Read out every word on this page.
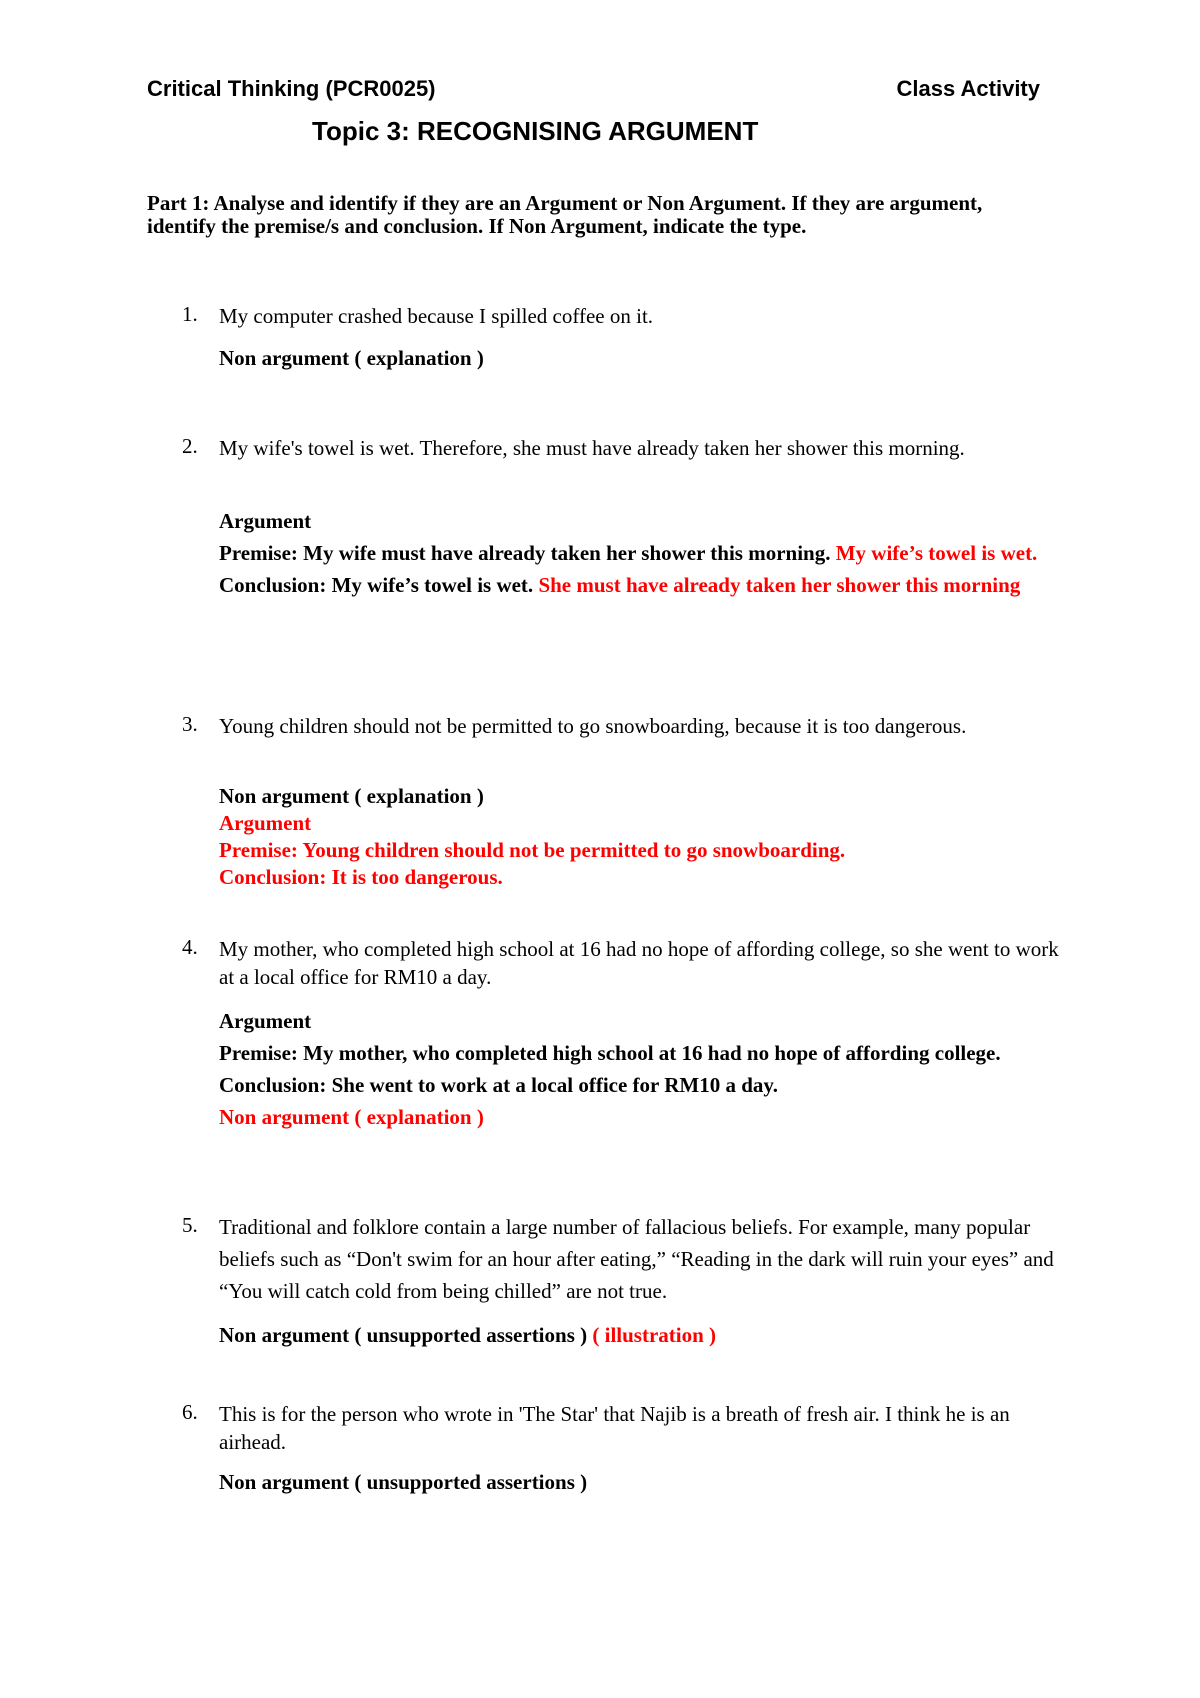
Critical Thinking (PCR0025)	Class Activity
Topic 3: RECOGNISING ARGUMENT
Part 1: Analyse and identify if they are an Argument or Non Argument. If they are argument, identify the premise/s and conclusion. If Non Argument, indicate the type.
1. My computer crashed because I spilled coffee on it.
Non argument ( explanation )
2. My wife's towel is wet. Therefore, she must have already taken her shower this morning.
Argument
Premise: My wife must have already taken her shower this morning. My wife’s towel is wet.
Conclusion: My wife’s towel is wet. She must have already taken her shower this morning
3. Young children should not be permitted to go snowboarding, because it is too dangerous.
Non argument ( explanation )
Argument
Premise: Young children should not be permitted to go snowboarding.
Conclusion: It is too dangerous.
4. My mother, who completed high school at 16 had no hope of affording college, so she went to work at a local office for RM10 a day.
Argument
Premise: My mother, who completed high school at 16 had no hope of affording college.
Conclusion: She went to work at a local office for RM10 a day.
Non argument ( explanation )
5. Traditional and folklore contain a large number of fallacious beliefs. For example, many popular beliefs such as “Don't swim for an hour after eating,” “Reading in the dark will ruin your eyes” and “You will catch cold from being chilled” are not true.
Non argument ( unsupported assertions ) ( illustration )
6. This is for the person who wrote in 'The Star' that Najib is a breath of fresh air. I think he is an airhead.
Non argument ( unsupported assertions )
